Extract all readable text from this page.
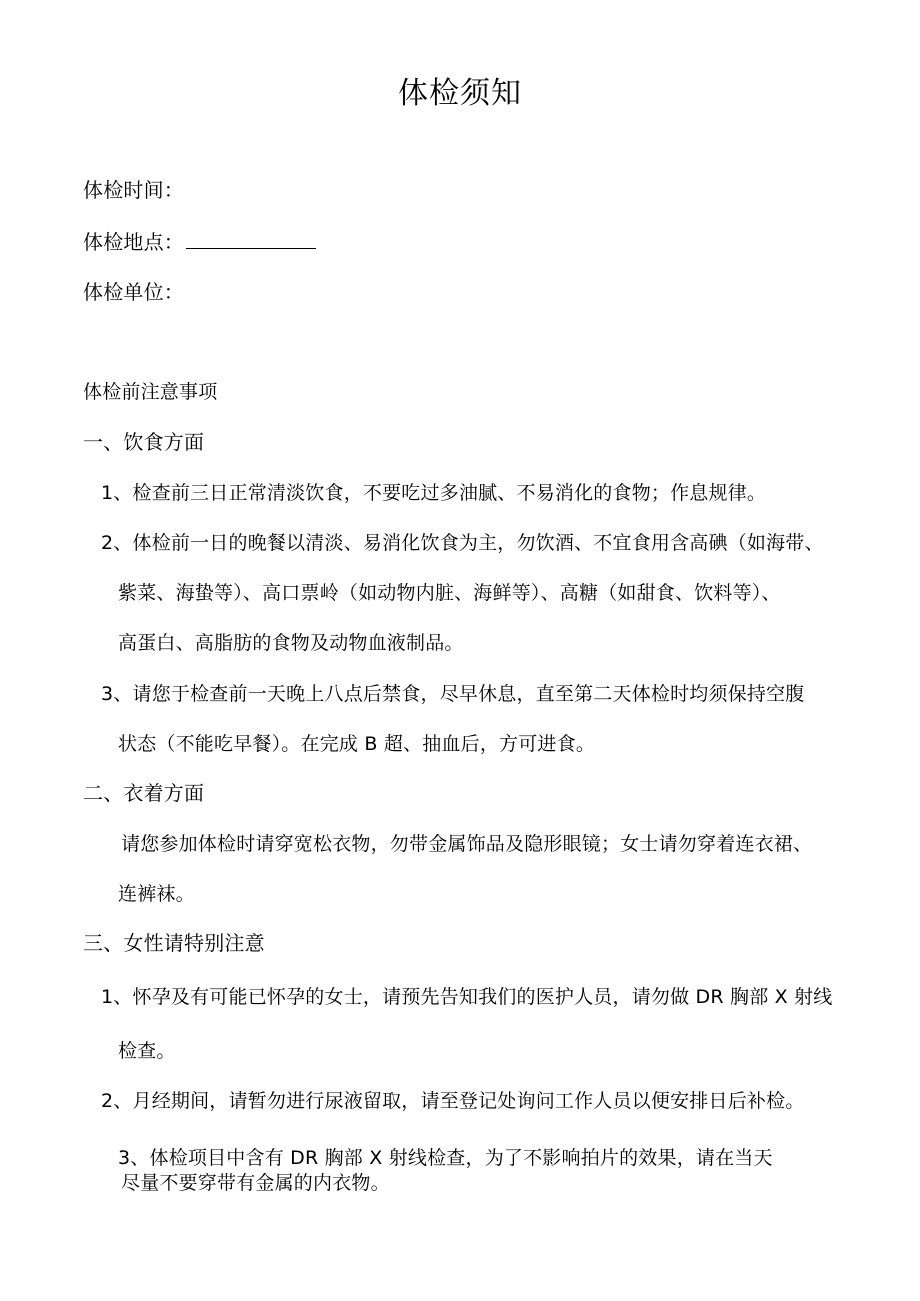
体检须知
体检时间：
体检地点：
体检单位：
体检前注意事项
一、饮食方面
1、检查前三日正常清淡饮食，不要吃过多油腻、不易消化的食物；作息规律。
2、体检前一日的晚餐以清淡、易消化饮食为主，勿饮酒、不宜食用含高碘（如海带、
紫菜、海蛰等）、高口票岭（如动物内脏、海鲜等）、高糖（如甜食、饮料等）、
高蛋白、高脂肪的食物及动物血液制品。
3、请您于检查前一天晚上八点后禁食，尽早休息，直至第二天体检时均须保持空腹
状态（不能吃早餐）。在完成 B 超、抽血后，方可进食。
二、衣着方面
请您参加体检时请穿宽松衣物，勿带金属饰品及隐形眼镜；女士请勿穿着连衣裙、
连裤袜。
三、女性请特别注意
1、怀孕及有可能已怀孕的女士，请预先告知我们的医护人员，请勿做 DR 胸部 X 射线
检查。
2、月经期间，请暂勿进行尿液留取，请至登记处询问工作人员以便安排日后补检。
3、体检项目中含有 DR 胸部 X 射线检查，为了不影响拍片的效果，请在当天
尽量不要穿带有金属的内衣物。
